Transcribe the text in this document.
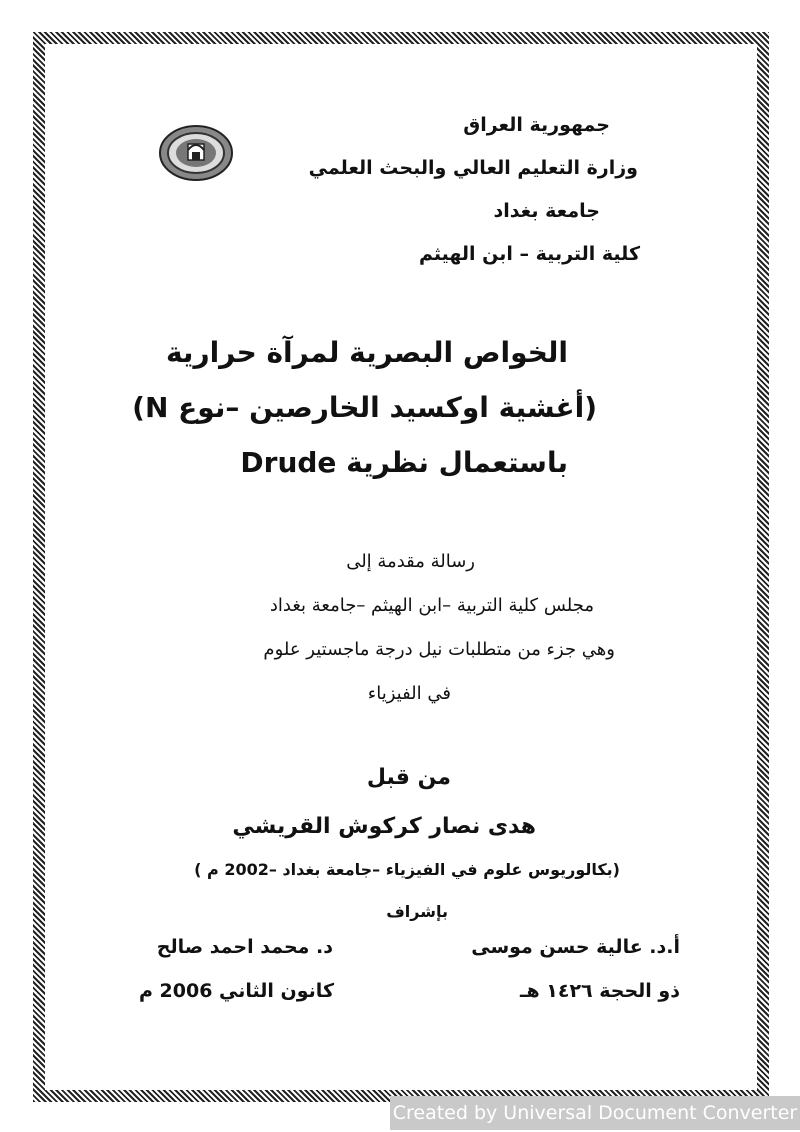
جمهورية العراق
وزارة التعليم العالي والبحث العلمي
جامعة بغداد
كلية التربية – ابن الهيثم
الخواص البصرية لمرآة حرارية
(أغشية اوكسيد الخارصين –نوع N)
باستعمال نظرية Drude
رسالة مقدمة إلى
مجلس كلية التربية –ابن الهيثم –جامعة بغداد
وهي جزء من متطلبات نيل درجة ماجستير علوم
في الفيزياء
من قبل
هدى نصار كركوش القريشي
(بكالوريوس علوم في الفيزياء –جامعة بغداد –2002 م )
بإشراف
أ.د. عالية حسن موسى
د. محمد احمد صالح
ذو الحجة ١٤٢٦ هـ
كانون الثاني 2006 م
Created by Universal Document Converter
